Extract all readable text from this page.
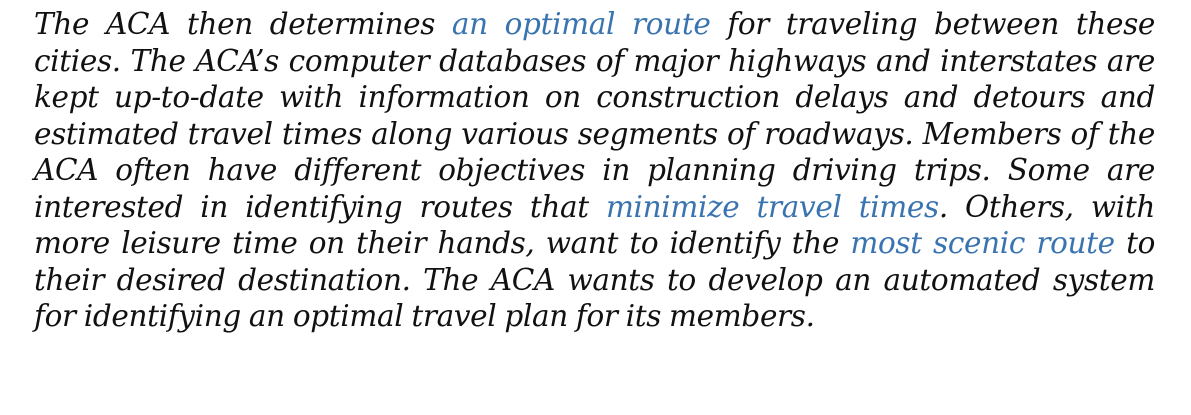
The ACA then determines an optimal route for traveling between these cities. The ACA’s computer databases of major highways and interstates are kept up-to-date with information on construction delays and detours and estimated travel times along various segments of roadways. Members of the ACA often have different objectives in planning driving trips. Some are interested in identifying routes that minimize travel times. Others, with more leisure time on their hands, want to identify the most scenic route to their desired destination. The ACA wants to develop an automated system for identifying an optimal travel plan for its members.
